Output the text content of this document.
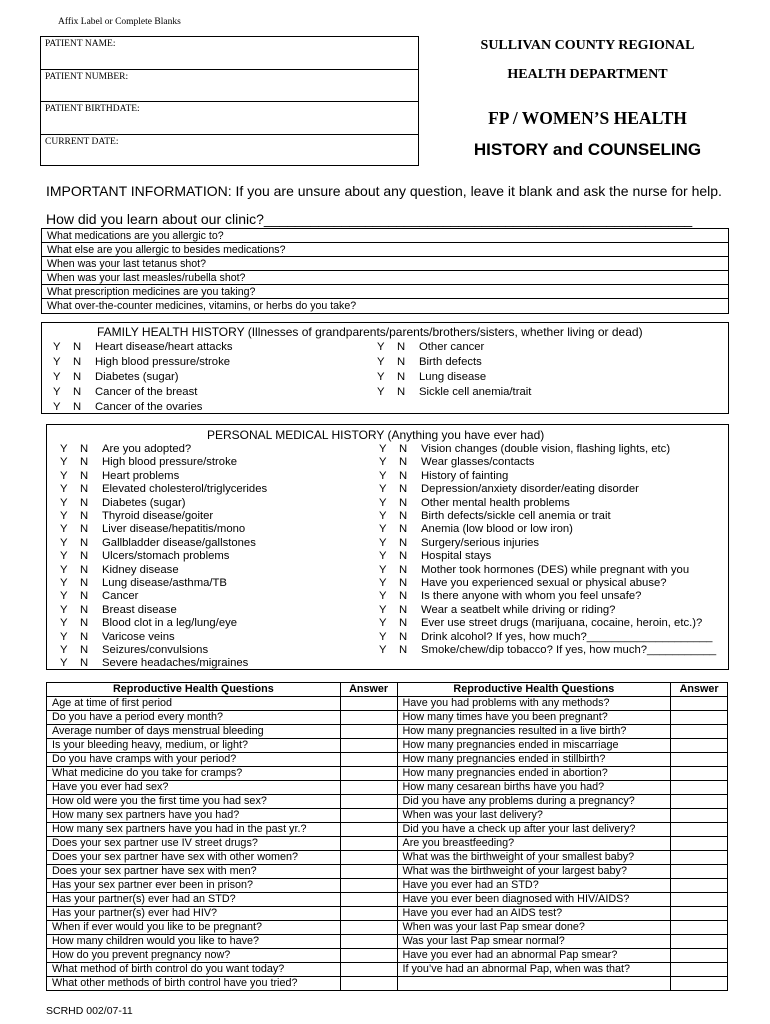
Affix Label or Complete Blanks
PATIENT NAME:
PATIENT NUMBER:
PATIENT BIRTHDATE:
CURRENT DATE:
SULLIVAN COUNTY REGIONAL
HEALTH DEPARTMENT
FP / WOMEN’S HEALTH
HISTORY and COUNSELING
IMPORTANT INFORMATION: If you are unsure about any question, leave it blank and ask the nurse for help.
How did you learn about our clinic?_______________________________________________________
What medications are you allergic to?
What else are you allergic to besides medications?
When was your last tetanus shot?
When was your last measles/rubella shot?
What prescription medicines are you taking?
What over-the-counter medicines, vitamins, or herbs do you take?
FAMILY HEALTH HISTORY (Illnesses of grandparents/parents/brothers/sisters, whether living or dead)
Y N Heart disease/heart attacks
Y N High blood pressure/stroke
Y N Diabetes (sugar)
Y N Cancer of the breast
Y N Cancer of the ovaries
Y N Other cancer
Y N Birth defects
Y N Lung disease
Y N Sickle cell anemia/trait
PERSONAL MEDICAL HISTORY (Anything you have ever had)
Y N Are you adopted?
Y N High blood pressure/stroke
Y N Heart problems
Y N Elevated cholesterol/triglycerides
Y N Diabetes (sugar)
Y N Thyroid disease/goiter
Y N Liver disease/hepatitis/mono
Y N Gallbladder disease/gallstones
Y N Ulcers/stomach problems
Y N Kidney disease
Y N Lung disease/asthma/TB
Y N Cancer
Y N Breast disease
Y N Blood clot in a leg/lung/eye
Y N Varicose veins
Y N Seizures/convulsions
Y N Severe headaches/migraines
Y N Vision changes (double vision, flashing lights, etc)
Y N Wear glasses/contacts
Y N History of fainting
Y N Depression/anxiety disorder/eating disorder
Y N Other mental health problems
Y N Birth defects/sickle cell anemia or trait
Y N Anemia (low blood or low iron)
Y N Surgery/serious injuries
Y N Hospital stays
Y N Mother took hormones (DES) while pregnant with you
Y N Have you experienced sexual or physical abuse?
Y N Is there anyone with whom you feel unsafe?
Y N Wear a seatbelt while driving or riding?
Y N Ever use street drugs (marijuana, cocaine, heroin, etc.)?
Y N Drink alcohol? If yes, how much?____________________
Y N Smoke/chew/dip tobacco? If yes, how much?___________
Reproductive Health Questions	Answer	Reproductive Health Questions	Answer
Age at time of first period		Have you had problems with any methods?	
Do you have a period every month?		How many times have you been pregnant?	
Average number of days menstrual bleeding		How many pregnancies resulted in a live birth?	
Is your bleeding heavy, medium, or light?		How many pregnancies ended in miscarriage	
Do you have cramps with your period?		How many pregnancies ended in stillbirth?	
What medicine do you take for cramps?		How many pregnancies ended in abortion?	
Have you ever had sex?		How many cesarean births have you had?	
How old were you the first time you had sex?		Did you have any problems during a pregnancy?	
How many sex partners have you had?		When was your last delivery?	
How many sex partners have you had in the past yr.?		Did you have a check up after your last delivery?	
Does your sex partner use IV street drugs?		Are you breastfeeding?	
Does your sex partner have sex with other women?		What was the birthweight of your smallest baby?	
Does your sex partner have sex with men?		What was the birthweight of your largest baby?	
Has your sex partner ever been in prison?		Have you ever had an STD?	
Has your partner(s) ever had an STD?		Have you ever been diagnosed with HIV/AIDS?	
Has your partner(s) ever had HIV?		Have you ever had an AIDS test?	
When if ever would you like to be pregnant?		When was your last Pap smear done?	
How many children would you like to have?		Was your last Pap smear normal?	
How do you prevent pregnancy now?		Have you ever had an abnormal Pap smear?	
What method of birth control do you want today?		If you’ve had an abnormal Pap, when was that?	
What other methods of birth control have you tried?			
SCRHD 002/07-11
